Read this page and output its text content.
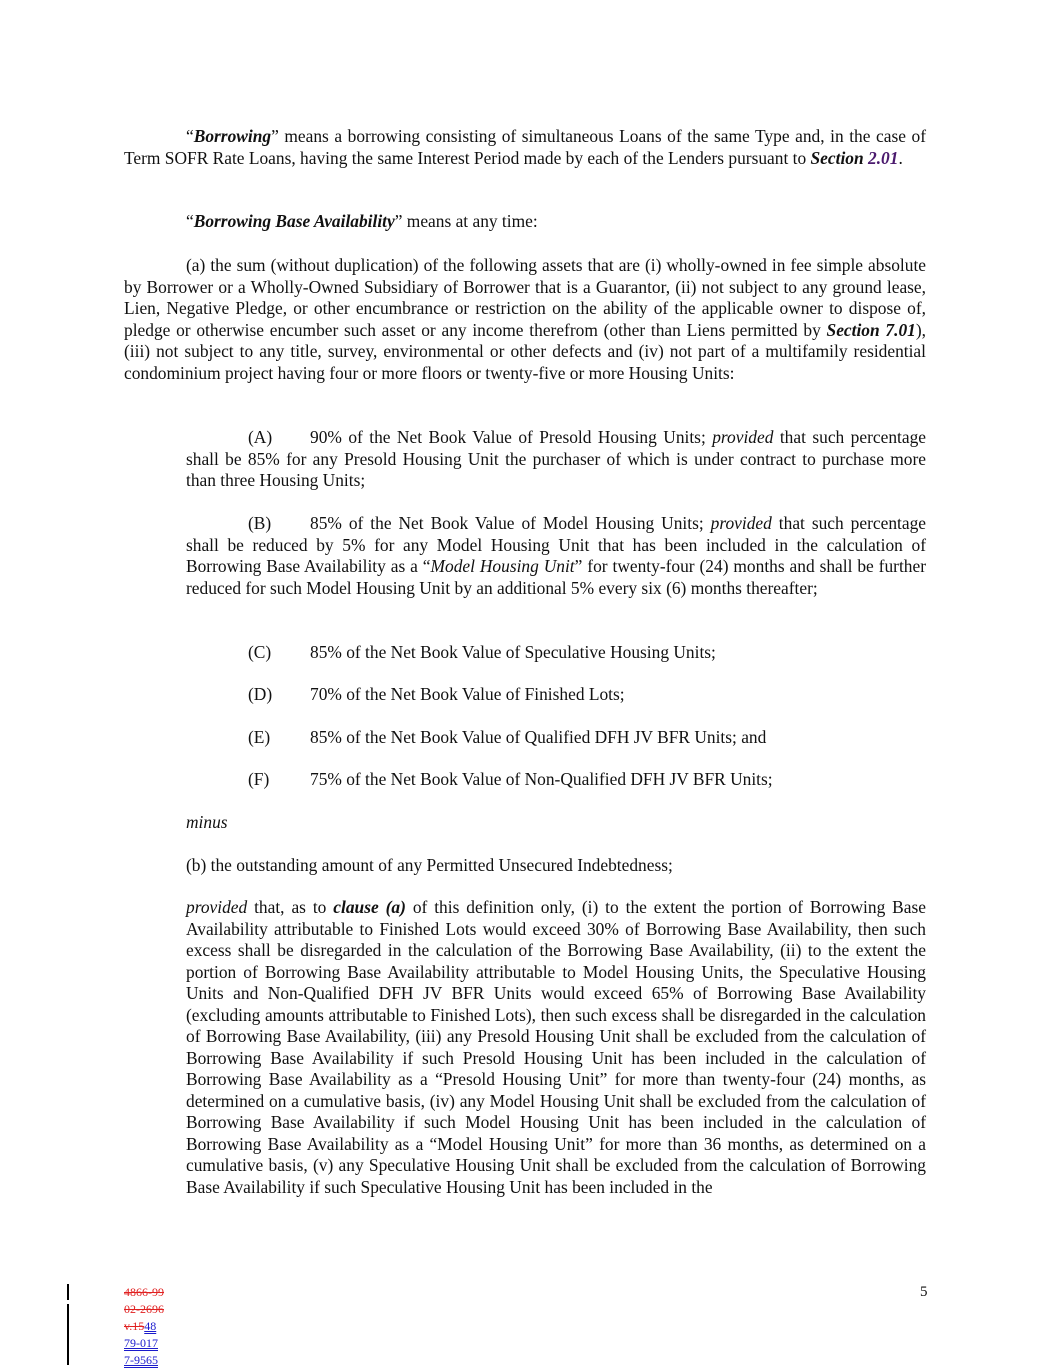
“Borrowing” means a borrowing consisting of simultaneous Loans of the same Type and, in the case of Term SOFR Rate Loans, having the same Interest Period made by each of the Lenders pursuant to Section 2.01.

“Borrowing Base Availability” means at any time:

(a) the sum (without duplication) of the following assets that are (i) wholly-owned in fee simple absolute by Borrower or a Wholly-Owned Subsidiary of Borrower that is a Guarantor, (ii) not subject to any ground lease, Lien, Negative Pledge, or other encumbrance or restriction on the ability of the applicable owner to dispose of, pledge or otherwise encumber such asset or any income therefrom (other than Liens permitted by Section 7.01), (iii) not subject to any title, survey, environmental or other defects and (iv) not part of a multifamily residential condominium project having four or more floors or twenty-five or more Housing Units:

(A) 90% of the Net Book Value of Presold Housing Units; provided that such percentage shall be 85% for any Presold Housing Unit the purchaser of which is under contract to purchase more than three Housing Units;

(B) 85% of the Net Book Value of Model Housing Units; provided that such percentage shall be reduced by 5% for any Model Housing Unit that has been included in the calculation of Borrowing Base Availability as a “Model Housing Unit” for twenty-four (24) months and shall be further reduced for such Model Housing Unit by an additional 5% every six (6) months thereafter;

(C) 85% of the Net Book Value of Speculative Housing Units;

(D) 70% of the Net Book Value of Finished Lots;

(E) 85% of the Net Book Value of Qualified DFH JV BFR Units; and

(F) 75% of the Net Book Value of Non-Qualified DFH JV BFR Units;

minus

(b) the outstanding amount of any Permitted Unsecured Indebtedness;

provided that, as to clause (a) of this definition only, (i) to the extent the portion of Borrowing Base Availability attributable to Finished Lots would exceed 30% of Borrowing Base Availability, then such excess shall be disregarded in the calculation of the Borrowing Base Availability, (ii) to the extent the portion of Borrowing Base Availability attributable to Model Housing Units, the Speculative Housing Units and Non-Qualified DFH JV BFR Units would exceed 65% of Borrowing Base Availability (excluding amounts attributable to Finished Lots), then such excess shall be disregarded in the calculation of Borrowing Base Availability, (iii) any Presold Housing Unit shall be excluded from the calculation of Borrowing Base Availability if such Presold Housing Unit has been included in the calculation of Borrowing Base Availability as a “Presold Housing Unit” for more than twenty-four (24) months, as determined on a cumulative basis, (iv) any Model Housing Unit shall be excluded from the calculation of Borrowing Base Availability if such Model Housing Unit has been included in the calculation of Borrowing Base Availability as a “Model Housing Unit” for more than 36 months, as determined on a cumulative basis, (v) any Speculative Housing Unit shall be excluded from the calculation of Borrowing Base Availability if such Speculative Housing Unit has been included in the

5
4866-99
02-2696
v.1548
79-017
7-9565
